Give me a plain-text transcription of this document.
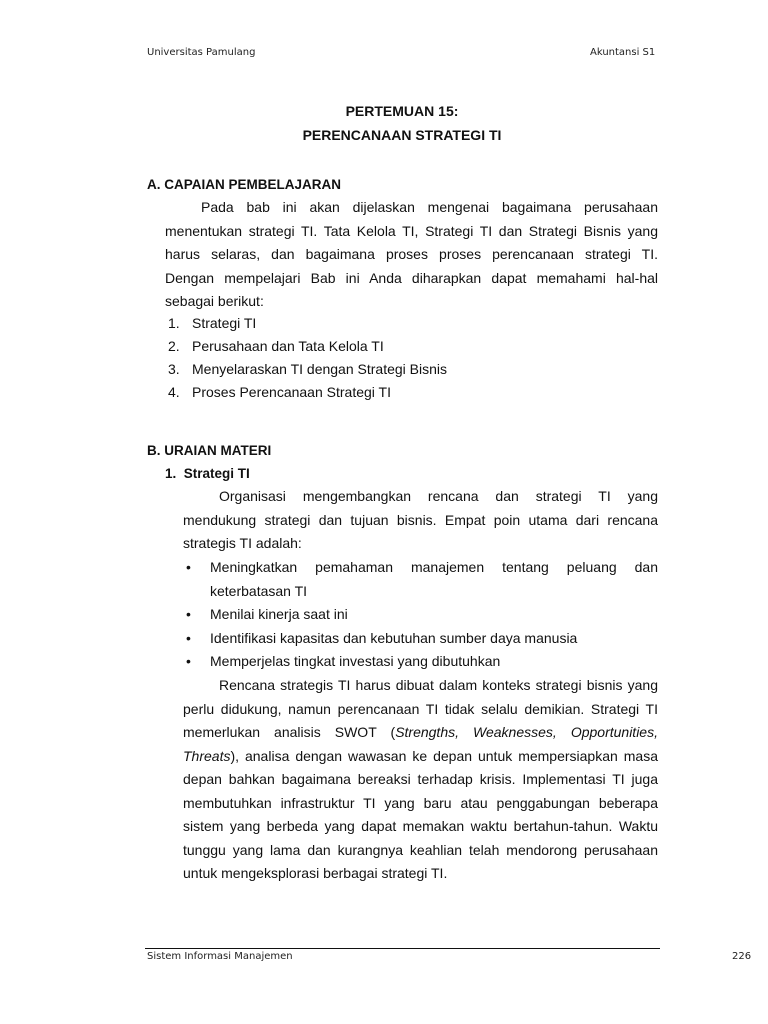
Universitas Pamulang	Akuntansi S1
PERTEMUAN 15:
PERENCANAAN STRATEGI TI
A. CAPAIAN PEMBELAJARAN
Pada bab ini akan dijelaskan mengenai bagaimana perusahaan
menentukan strategi TI. Tata Kelola TI, Strategi TI dan Strategi Bisnis yang
harus selaras, dan bagaimana proses proses perencanaan strategi TI.
Dengan mempelajari Bab ini Anda diharapkan dapat memahami hal-hal
sebagai berikut:
1. Strategi TI
2. Perusahaan dan Tata Kelola TI
3. Menyelaraskan TI dengan Strategi Bisnis
4. Proses Perencanaan Strategi TI
B. URAIAN MATERI
1.  Strategi TI
Organisasi mengembangkan rencana dan strategi TI yang
mendukung strategi dan tujuan bisnis. Empat poin utama dari rencana
strategis TI adalah:
• Meningkatkan pemahaman manajemen tentang peluang dan
keterbatasan TI
• Menilai kinerja saat ini
• Identifikasi kapasitas dan kebutuhan sumber daya manusia
• Memperjelas tingkat investasi yang dibutuhkan
Rencana strategis TI harus dibuat dalam konteks strategi bisnis yang
perlu didukung, namun perencanaan TI tidak selalu demikian. Strategi TI
memerlukan analisis SWOT (Strengths, Weaknesses, Opportunities,
Threats), analisa dengan wawasan ke depan untuk mempersiapkan masa
depan bahkan bagaimana bereaksi terhadap krisis. Implementasi TI juga
membutuhkan infrastruktur TI yang baru atau penggabungan beberapa
sistem yang berbeda yang dapat memakan waktu bertahun-tahun. Waktu
tunggu yang lama dan kurangnya keahlian telah mendorong perusahaan
untuk mengeksplorasi berbagai strategi TI.
Sistem Informasi Manajemen	226
